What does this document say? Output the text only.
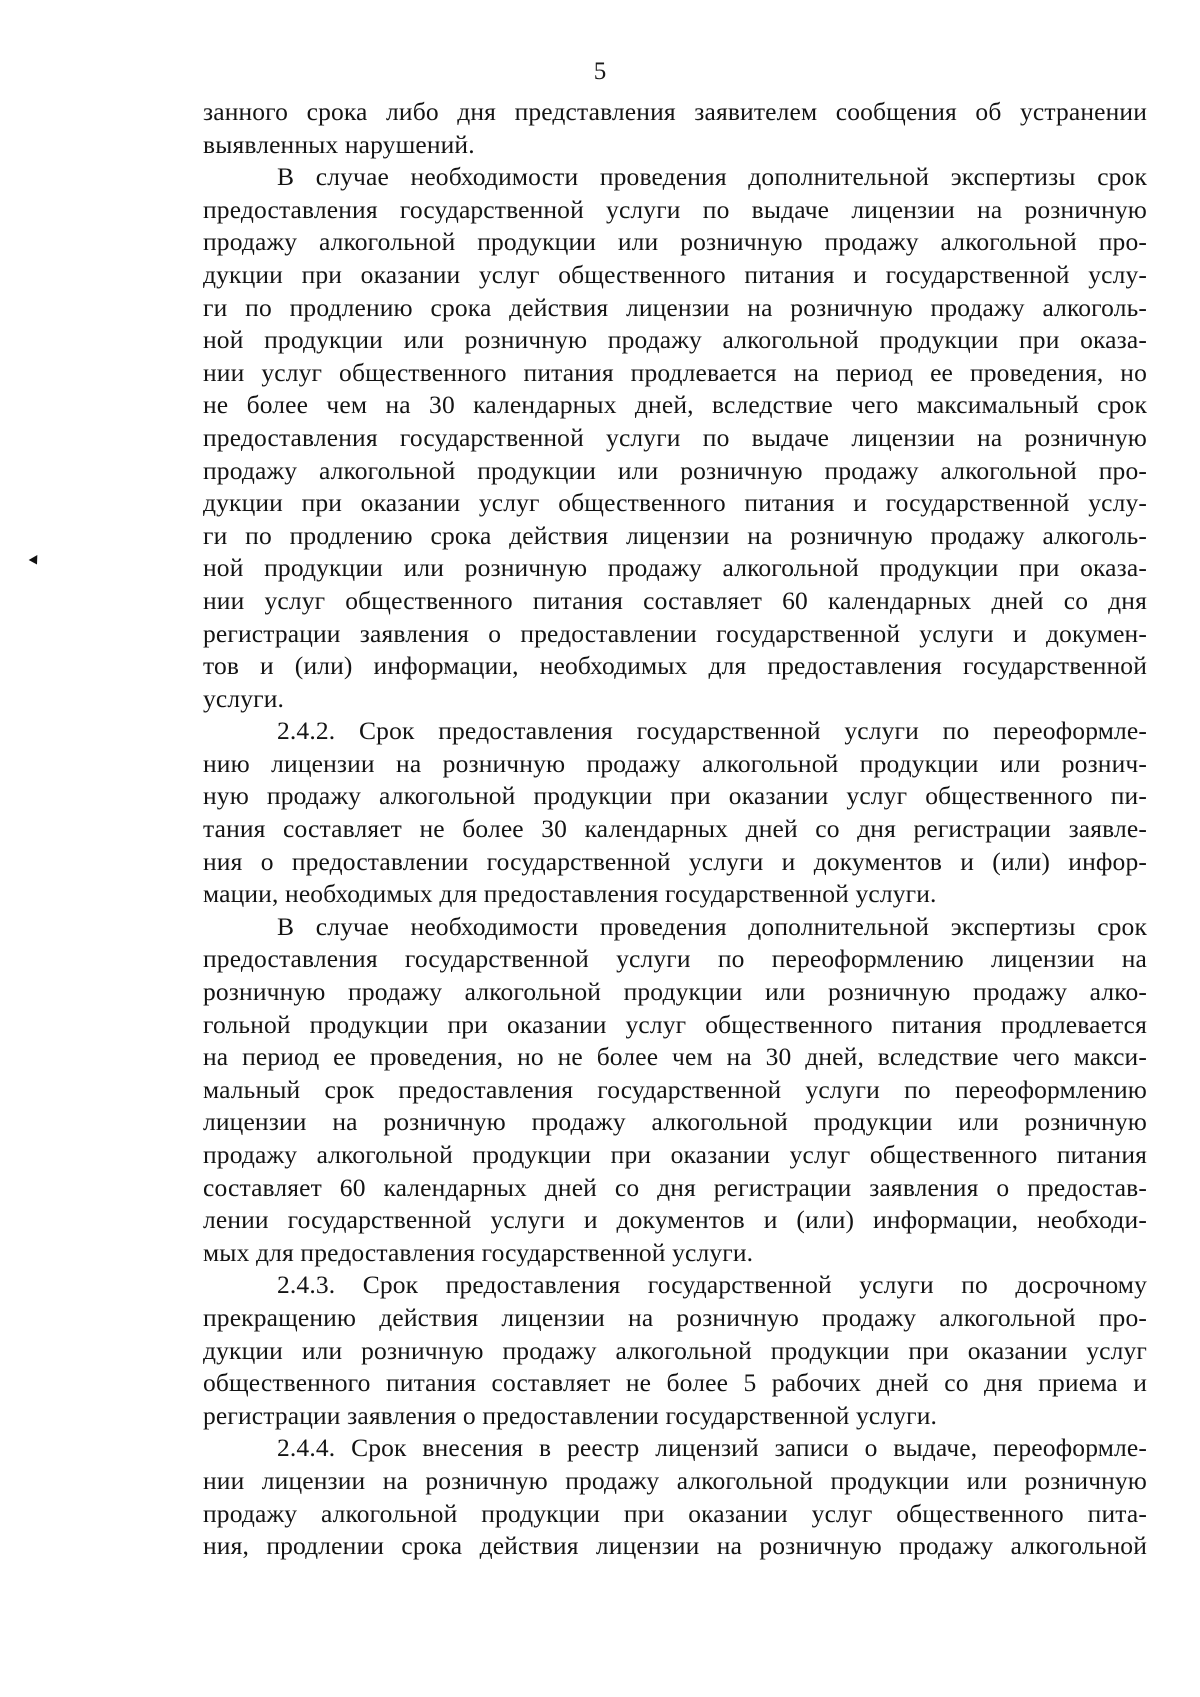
5
занного срока либо дня представления заявителем сообщения об устранении
выявленных нарушений.
В случае необходимости проведения дополнительной экспертизы срок
предоставления государственной услуги по выдаче лицензии на розничную
продажу алкогольной продукции или розничную продажу алкогольной про-
дукции при оказании услуг общественного питания и государственной услу-
ги по продлению срока действия лицензии на розничную продажу алкоголь-
ной продукции или розничную продажу алкогольной продукции при оказа-
нии услуг общественного питания продлевается на период ее проведения, но
не более чем на 30 календарных дней, вследствие чего максимальный срок
предоставления государственной услуги по выдаче лицензии на розничную
продажу алкогольной продукции или розничную продажу алкогольной про-
дукции при оказании услуг общественного питания и государственной услу-
ги по продлению срока действия лицензии на розничную продажу алкоголь-
ной продукции или розничную продажу алкогольной продукции при оказа-
нии услуг общественного питания составляет 60 календарных дней со дня
регистрации заявления о предоставлении государственной услуги и докумен-
тов и (или) информации, необходимых для предоставления государственной
услуги.
2.4.2. Срок предоставления государственной услуги по переоформле-
нию лицензии на розничную продажу алкогольной продукции или рознич-
ную продажу алкогольной продукции при оказании услуг общественного пи-
тания составляет не более 30 календарных дней со дня регистрации заявле-
ния о предоставлении государственной услуги и документов и (или) инфор-
мации, необходимых для предоставления государственной услуги.
В случае необходимости проведения дополнительной экспертизы срок
предоставления государственной услуги по переоформлению лицензии на
розничную продажу алкогольной продукции или розничную продажу алко-
гольной продукции при оказании услуг общественного питания продлевается
на период ее проведения, но не более чем на 30 дней, вследствие чего макси-
мальный срок предоставления государственной услуги по переоформлению
лицензии на розничную продажу алкогольной продукции или розничную
продажу алкогольной продукции при оказании услуг общественного питания
составляет 60 календарных дней со дня регистрации заявления о предостав-
лении государственной услуги и документов и (или) информации, необходи-
мых для предоставления государственной услуги.
2.4.3. Срок предоставления государственной услуги по досрочному
прекращению действия лицензии на розничную продажу алкогольной про-
дукции или розничную продажу алкогольной продукции при оказании услуг
общественного питания составляет не более 5 рабочих дней со дня приема и
регистрации заявления о предоставлении государственной услуги.
2.4.4. Срок внесения в реестр лицензий записи о выдаче, переоформле-
нии лицензии на розничную продажу алкогольной продукции или розничную
продажу алкогольной продукции при оказании услуг общественного пита-
ния, продлении срока действия лицензии на розничную продажу алкогольной
